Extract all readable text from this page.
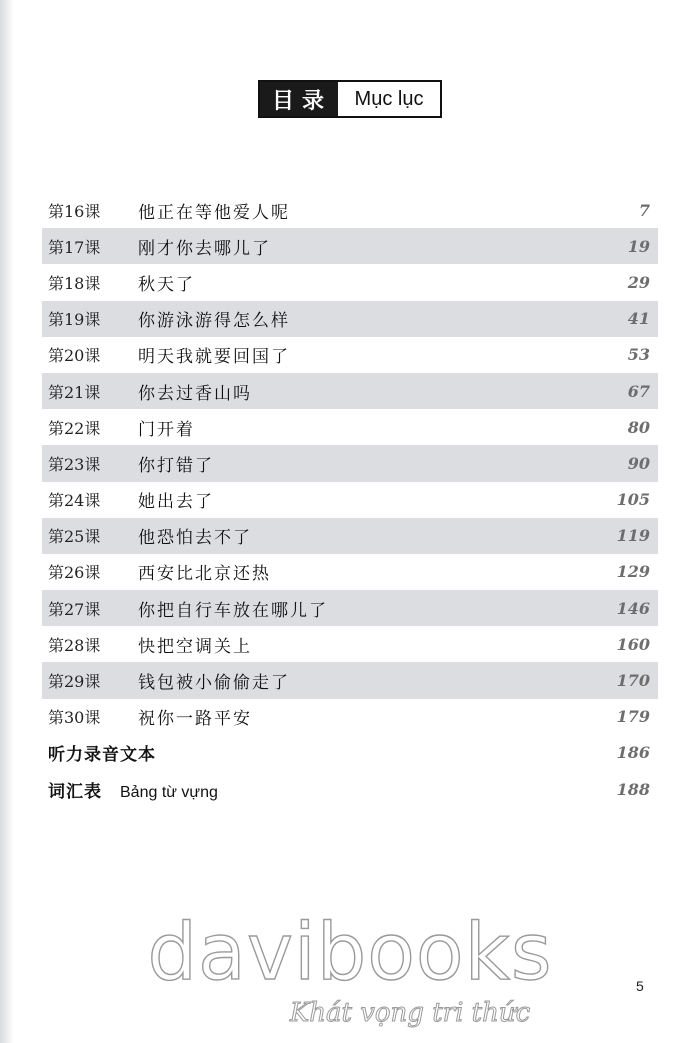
目录	Mục lục
第16课	他正在等他爱人呢	7
第17课	刚才你去哪儿了	19
第18课	秋天了	29
第19课	你游泳游得怎么样	41
第20课	明天我就要回国了	53
第21课	你去过香山吗	67
第22课	门开着	80
第23课	你打错了	90
第24课	她出去了	105
第25课	他恐怕去不了	119
第26课	西安比北京还热	129
第27课	你把自行车放在哪儿了	146
第28课	快把空调关上	160
第29课	钱包被小偷偷走了	170
第30课	祝你一路平安	179
听力录音文本	186
词汇表 Bảng từ vựng	188
davibooks
Khát vọng tri thức
5
